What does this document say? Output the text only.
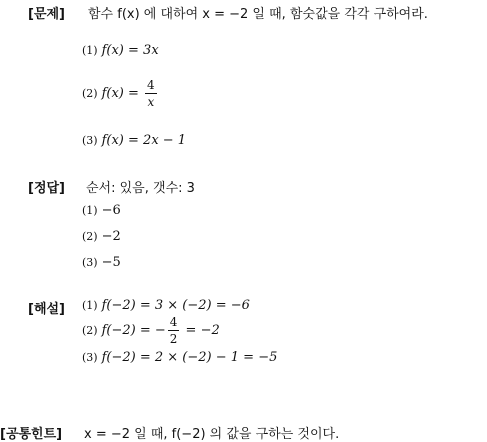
[문제] 함수 f(x) 에 대하여 x = −2 일 때, 함숫값을 각각 구하여라.
(1) f(x) = 3x
(2) $f(x) = \frac{4}{x}$
(3) f(x) = 2x − 1
[정답] 순서: 있음, 갯수: 3
(1) −6
(2) −2
(3) −5
[해설] (1) f(−2) = 3 × (−2) = −6
(2) f(−2) = − $\frac{4}{2} = -2$
(3) f(−2) = 2 × (−2) − 1 = −5
[공통힌트] x = −2 일 때, f(−2) 의 값을 구하는 것이다.
